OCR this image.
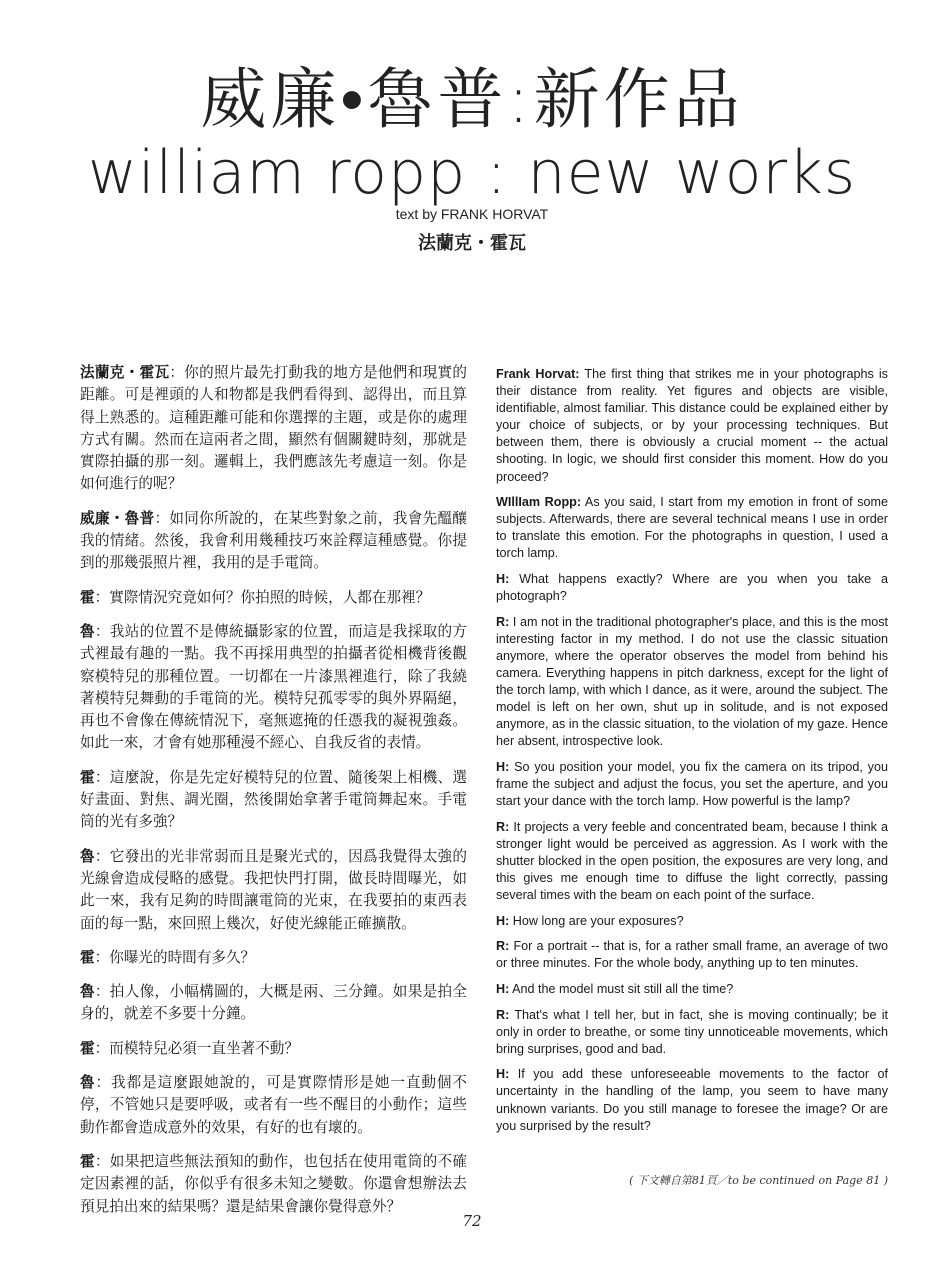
威廉•魯普:新作品
william ropp : new works
text by FRANK HORVAT
法蘭克・霍瓦

法蘭克・霍瓦：你的照片最先打動我的地方是他們和現實的距離。可是裡頭的人和物都是我們看得到、認得出，而且算得上熟悉的。這種距離可能和你選擇的主題，或是你的處理方式有關。然而在這兩者之間，顯然有個關鍵時刻，那就是實際拍攝的那一刻。邏輯上，我們應該先考慮這一刻。你是如何進行的呢？

威廉・魯普：如同你所說的，在某些對象之前，我會先醞釀我的情緒。然後，我會利用幾種技巧來詮釋這種感覺。你提到的那幾張照片裡，我用的是手電筒。

霍：實際情況究竟如何？你拍照的時候，人都在那裡？

魯：我站的位置不是傳統攝影家的位置，而這是我採取的方式裡最有趣的一點。我不再採用典型的拍攝者從相機背後觀察模特兒的那種位置。一切都在一片漆黑裡進行，除了我繞著模特兒舞動的手電筒的光。模特兒孤零零的與外界隔絕，再也不會像在傳統情況下，毫無遮掩的任憑我的凝視強姦。如此一來，才會有她那種漫不經心、自我反省的表情。

霍：這麼說，你是先定好模特兒的位置、隨後架上相機、選好畫面、對焦、調光圈，然後開始拿著手電筒舞起來。手電筒的光有多強？

魯：它發出的光非常弱而且是聚光式的，因爲我覺得太強的光線會造成侵略的感覺。我把快門打開，做長時間曝光，如此一來，我有足夠的時間讓電筒的光束，在我要拍的東西表面的每一點，來回照上幾次，好使光線能正確擴散。

霍：你曝光的時間有多久？

魯：拍人像，小幅構圖的，大概是兩、三分鐘。如果是拍全身的，就差不多要十分鐘。

霍：而模特兒必須一直坐著不動？

魯：我都是這麼跟她說的，可是實際情形是她一直動個不停，不管她只是要呼吸，或者有一些不醒目的小動作；這些動作都會造成意外的效果，有好的也有壞的。

霍：如果把這些無法預知的動作，也包括在使用電筒的不確定因素裡的話，你似乎有很多未知之變數。你還會想辦法去預見拍出來的結果嗎？還是結果會讓你覺得意外？

Frank Horvat: The first thing that strikes me in your photographs is their distance from reality. Yet figures and objects are visible, identifiable, almost familiar. This distance could be explained either by your choice of subjects, or by your processing techniques. But between them, there is obviously a crucial moment -- the actual shooting. In logic, we should first consider this moment. How do you proceed?

WIllIam Ropp: As you said, I start from my emotion in front of some subjects. Afterwards, there are several technical means I use in order to translate this emotion. For the photographs in question, I used a torch lamp.

H: What happens exactly? Where are you when you take a photograph?

R: I am not in the traditional photographer's place, and this is the most interesting factor in my method. I do not use the classic situation anymore, where the operator observes the model from behind his camera. Everything happens in pitch darkness, except for the light of the torch lamp, with which I dance, as it were, around the subject. The model is left on her own, shut up in solitude, and is not exposed anymore, as in the classic situation, to the violation of my gaze. Hence her absent, introspective look.

H: So you position your model, you fix the camera on its tripod, you frame the subject and adjust the focus, you set the aperture, and you start your dance with the torch lamp. How powerful is the lamp?

R: It projects a very feeble and concentrated beam, because I think a stronger light would be perceived as aggression. As I work with the shutter blocked in the open position, the exposures are very long, and this gives me enough time to diffuse the light correctly, passing several times with the beam on each point of the surface.

H: How long are your exposures?

R: For a portrait -- that is, for a rather small frame, an average of two or three minutes. For the whole body, anything up to ten minutes.

H: And the model must sit still all the time?

R: That's what I tell her, but in fact, she is moving continually; be it only in order to breathe, or some tiny unnoticeable movements, which bring surprises, good and bad.

H: If you add these unforeseeable movements to the factor of uncertainty in the handling of the lamp, you seem to have many unknown variants. Do you still manage to foresee the image? Or are you surprised by the result?

( 下文轉自第81頁／to be continued on Page 81 )
72
